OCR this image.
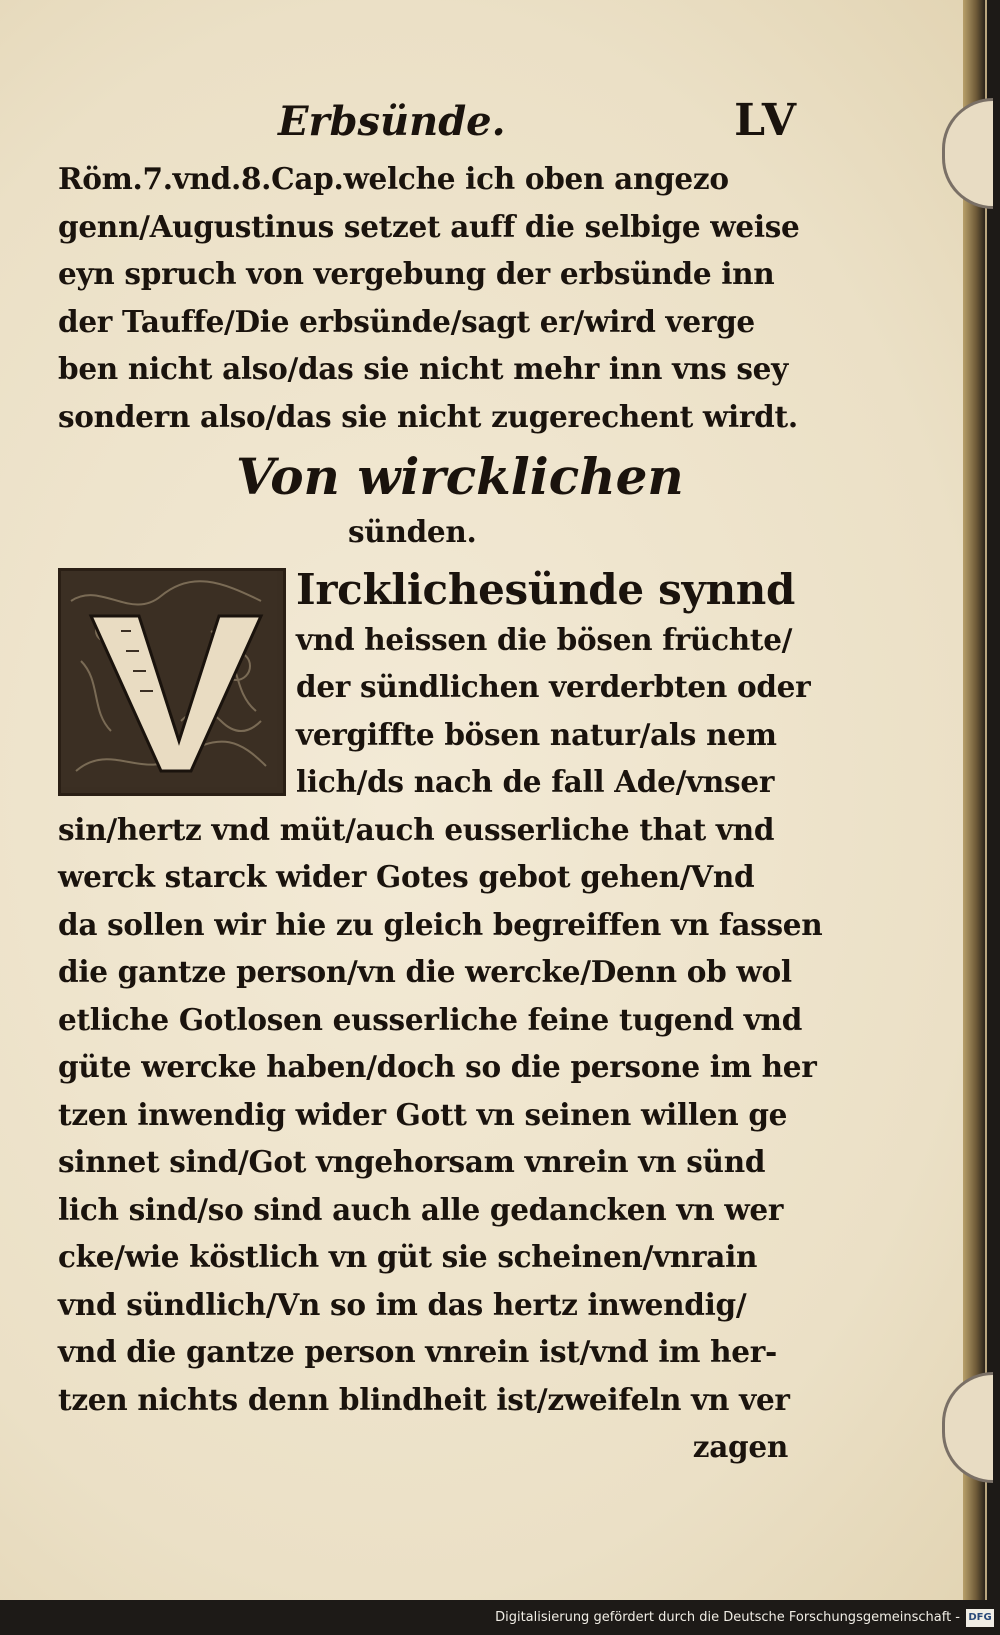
Erbsünde.	LV
Röm.7.vnd.8.Cap.welche ich oben angezo
genn/Augustinus setzet auff die selbige weise
eyn spruch von vergebung der erbsünde inn
der Tauffe/Die erbsünde/sagt er/wird verge
ben nicht also/das sie nicht mehr inn vns sey
sondern also/das sie nicht zugerechent wirdt.
Von wircklichen
sünden.
Ircklichesünde synnd
vnd heissen die bösen früchte/
der sündlichen verderbten oder
vergiffte bösen natur/als nem
lich/ds nach de fall Ade/vnser
sin/hertz vnd müt/auch eusserliche that vnd
werck starck wider Gotes gebot gehen/Vnd
da sollen wir hie zu gleich begreiffen vn fassen
die gantze person/vn die wercke/Denn ob wol
etliche Gotlosen eusserliche feine tugend vnd
güte wercke haben/doch so die persone im her
tzen inwendig wider Gott vn seinen willen ge
sinnet sind/Got vngehorsam vnrein vn sünd
lich sind/so sind auch alle gedancken vn wer
cke/wie köstlich vn güt sie scheinen/vnrain
vnd sündlich/Vn so im das hertz inwendig/
vnd die gantze person vnrein ist/vnd im her-
tzen nichts denn blindheit ist/zweifeln vn ver
zagen
Digitalisierung gefördert durch die Deutsche Forschungsgemeinschaft - DFG
